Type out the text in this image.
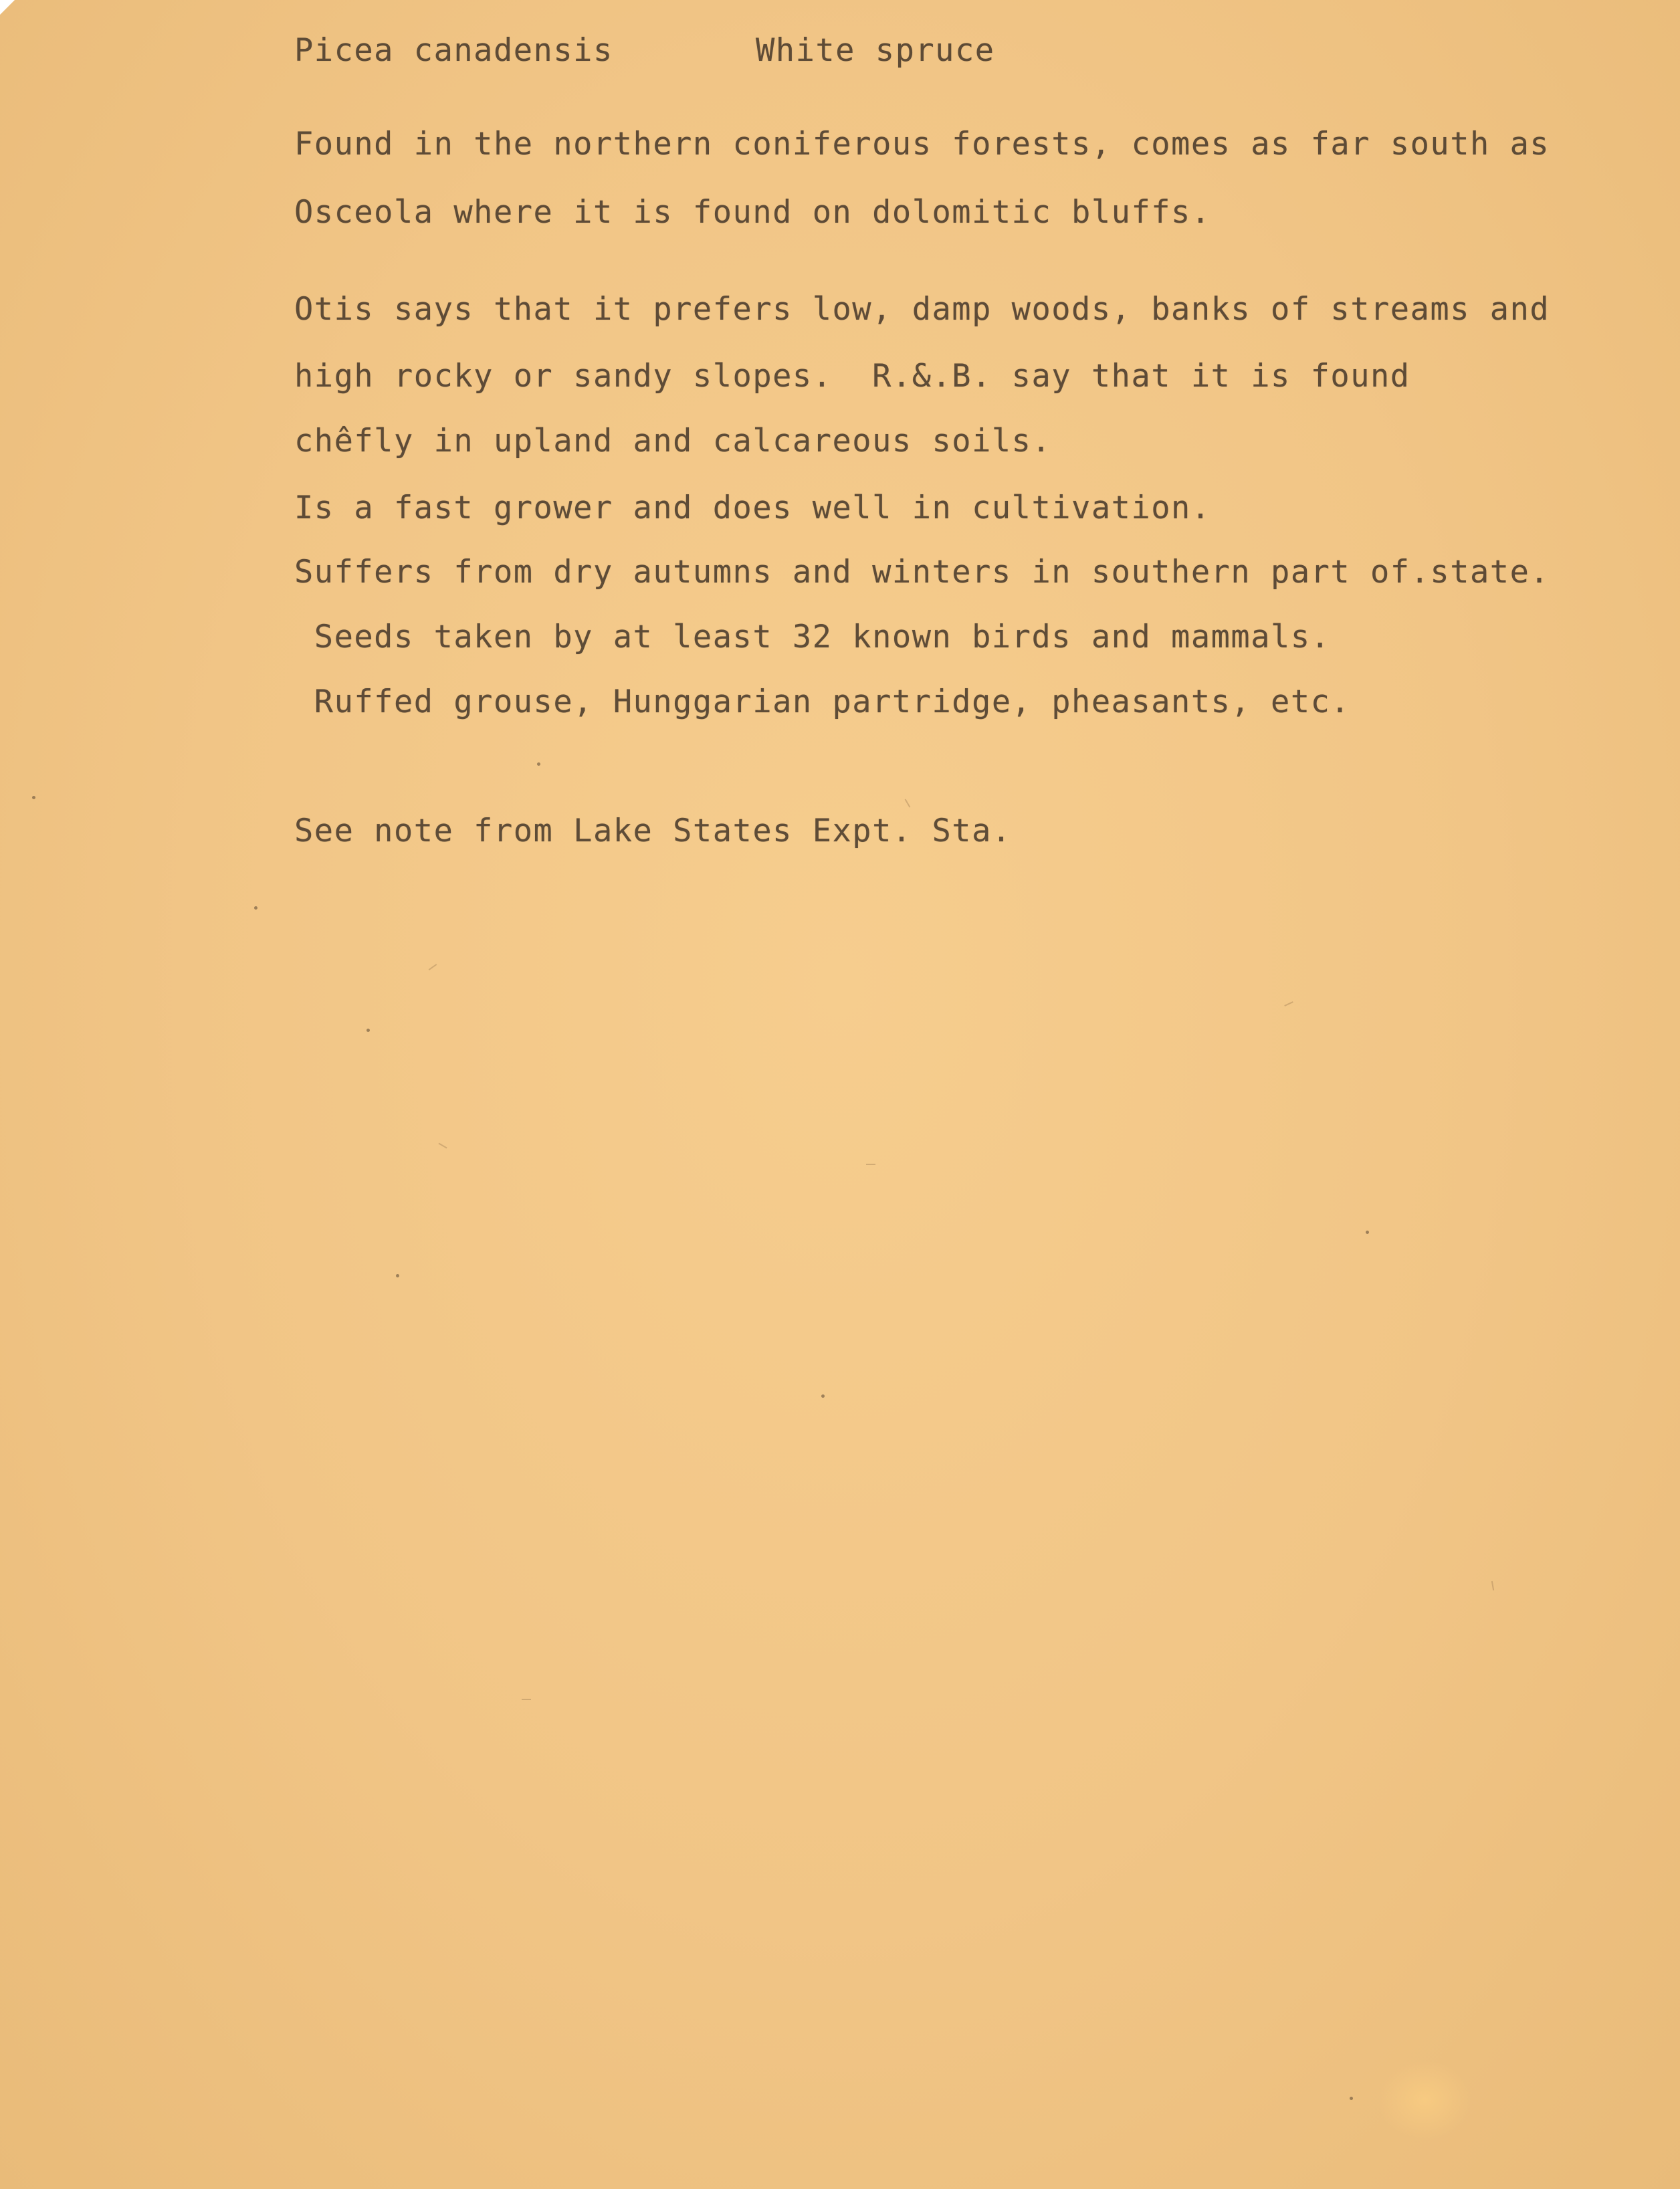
Picea canadensis	White spruce
Found in the northern coniferous forests, comes as far south as
Osceola where it is found on dolomitic bluffs.
Otis says that it prefers low, damp woods, banks of streams and
high rocky or sandy slopes.  R.&.B. say that it is found
chêfly in upland and calcareous soils.
Is a fast grower and does well in cultivation.
Suffers from dry autumns and winters in southern part of.state.
Seeds taken by at least 32 known birds and mammals.
Ruffed grouse, Hunggarian partridge, pheasants, etc.
See note from Lake States Expt. Sta.
